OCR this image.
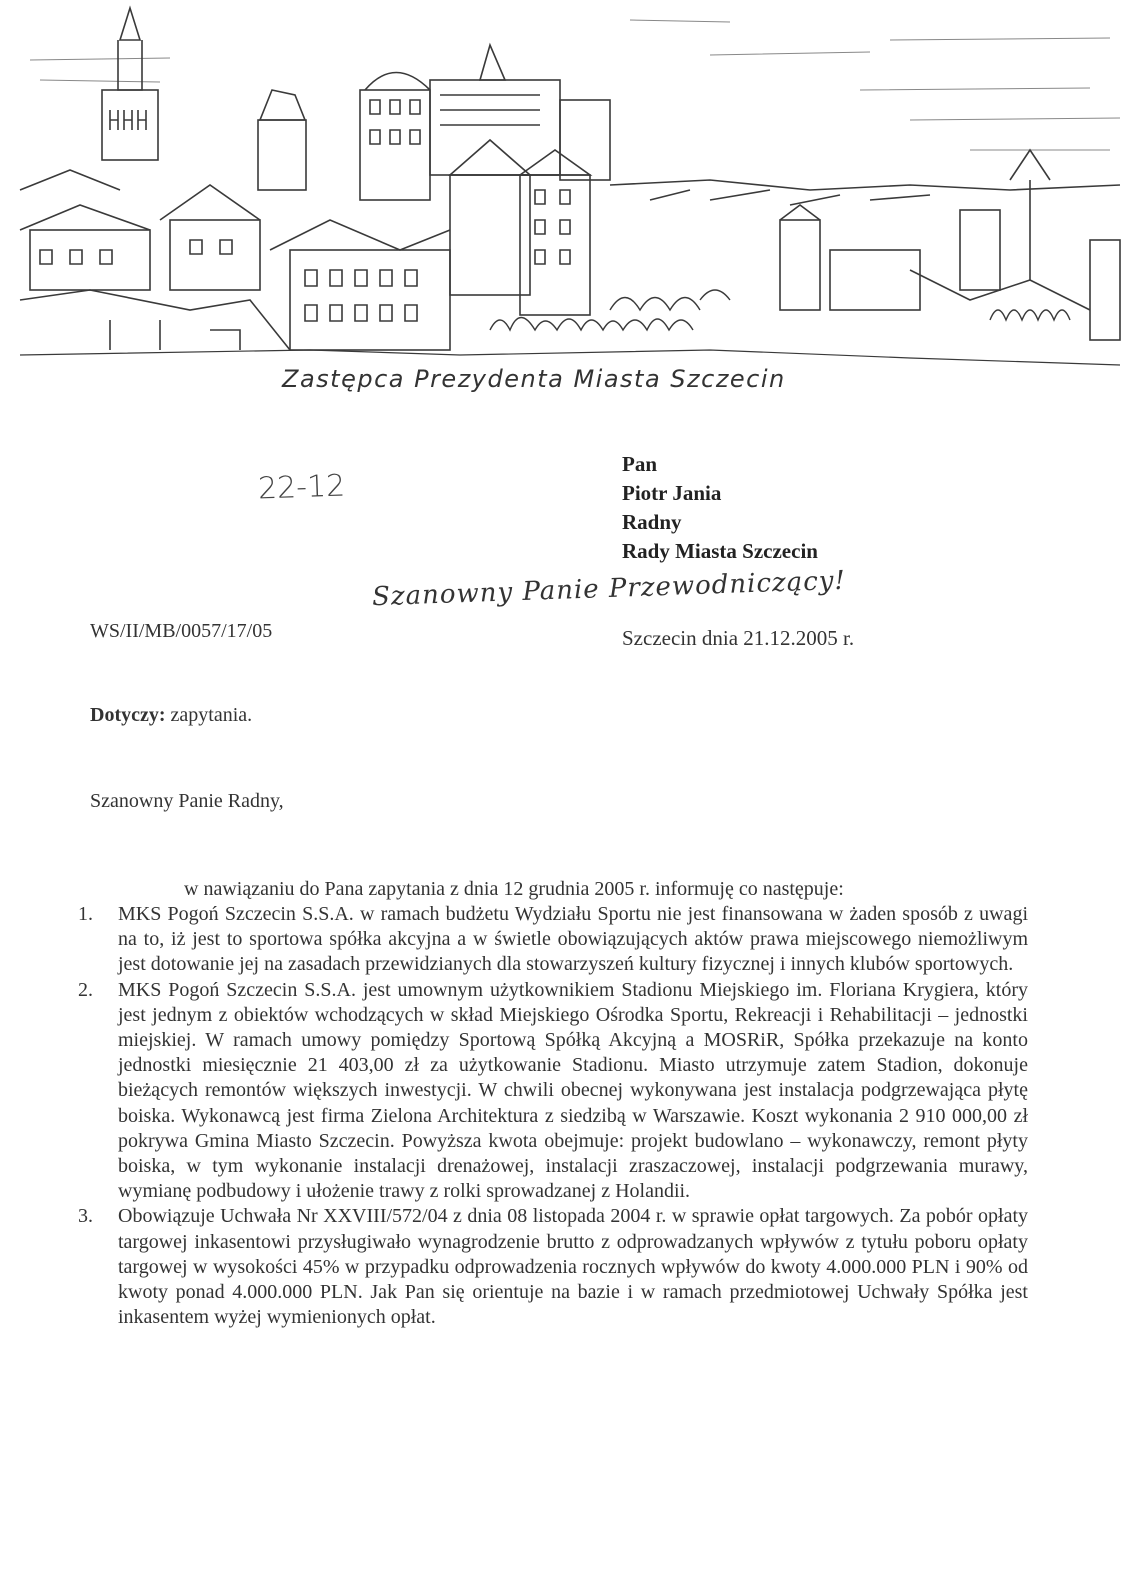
Zastępca Prezydenta Miasta Szczecin
22-12
Pan
Piotr Jania
Radny
Rady Miasta Szczecin
Szanowny Panie Przewodniczący!
WS/II/MB/0057/17/05	Szczecin dnia 21.12.2005 r.
Dotyczy: zapytania.
Szanowny Panie Radny,
w nawiązaniu do Pana zapytania z dnia 12 grudnia 2005 r. informuję co następuje:
1.	MKS Pogoń Szczecin S.S.A. w ramach budżetu Wydziału Sportu nie jest finansowana w żaden sposób z uwagi na to, iż jest to sportowa spółka akcyjna a w świetle obowiązujących aktów prawa miejscowego niemożliwym jest dotowanie jej na zasadach przewidzianych dla stowarzyszeń kultury fizycznej i innych klubów sportowych.
2.	MKS Pogoń Szczecin S.S.A. jest umownym użytkownikiem Stadionu Miejskiego im. Floriana Krygiera, który jest jednym z obiektów wchodzących w skład Miejskiego Ośrodka Sportu, Rekreacji i Rehabilitacji – jednostki miejskiej. W ramach umowy pomiędzy Sportową Spółką Akcyjną a MOSRiR, Spółka przekazuje na konto jednostki miesięcznie 21 403,00 zł za użytkowanie Stadionu. Miasto utrzymuje zatem Stadion, dokonuje bieżących remontów większych inwestycji. W chwili obecnej wykonywana jest instalacja podgrzewająca płytę boiska. Wykonawcą jest firma Zielona Architektura z siedzibą w Warszawie. Koszt wykonania 2 910 000,00 zł pokrywa Gmina Miasto Szczecin. Powyższa kwota obejmuje: projekt budowlano – wykonawczy, remont płyty boiska, w tym wykonanie instalacji drenażowej, instalacji zraszaczowej, instalacji podgrzewania murawy, wymianę podbudowy i ułożenie trawy z rolki sprowadzanej z Holandii.
3.	Obowiązuje Uchwała Nr XXVIII/572/04 z dnia 08 listopada 2004 r. w sprawie opłat targowych. Za pobór opłaty targowej inkasentowi przysługiwało wynagrodzenie brutto z odprowadzanych wpływów z tytułu poboru opłaty targowej w wysokości 45% w przypadku odprowadzenia rocznych wpływów do kwoty 4.000.000 PLN i 90% od kwoty ponad 4.000.000 PLN. Jak Pan się orientuje na bazie i w ramach przedmiotowej Uchwały Spółka jest inkasentem wyżej wymienionych opłat.
